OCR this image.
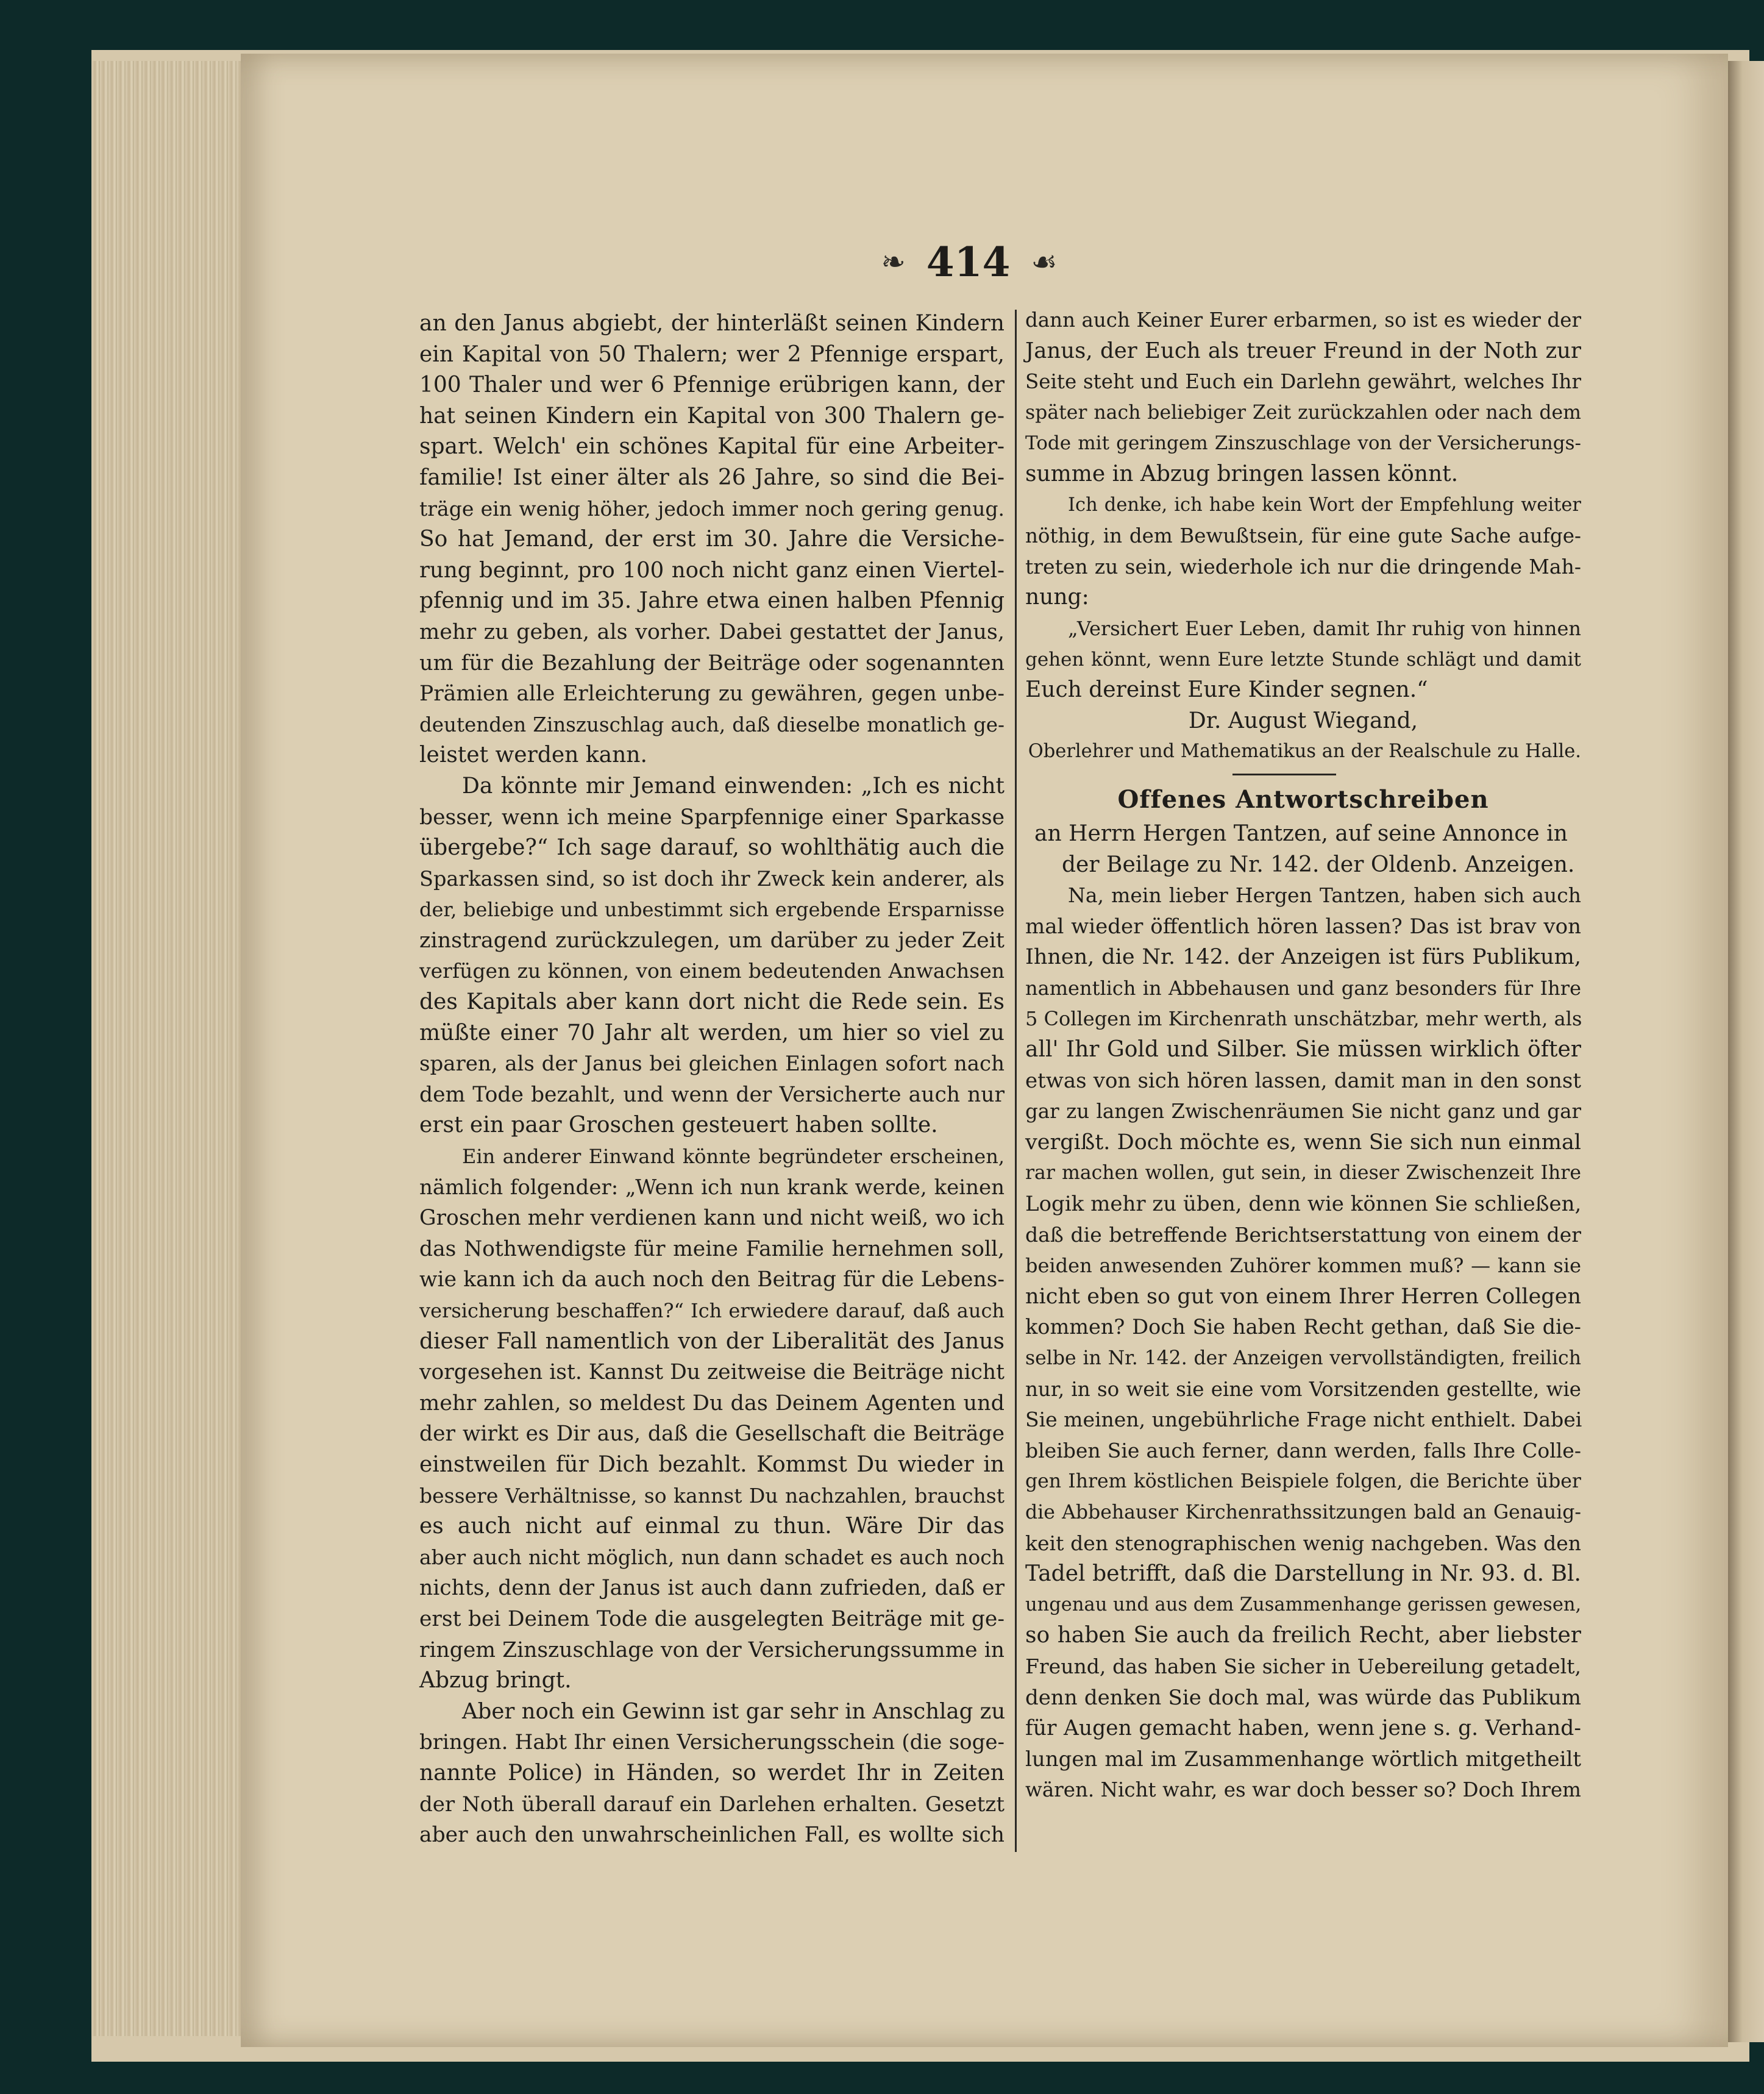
❧ 414 ☙
an den Janus abgiebt, der hinterläßt seinen Kindern
ein Kapital von 50 Thalern; wer 2 Pfennige erspart,
100 Thaler und wer 6 Pfennige erübrigen kann, der
hat seinen Kindern ein Kapital von 300 Thalern ge-
spart. Welch' ein schönes Kapital für eine Arbeiter-
familie! Ist einer älter als 26 Jahre, so sind die Bei-
träge ein wenig höher, jedoch immer noch gering genug.
So hat Jemand, der erst im 30. Jahre die Versiche-
rung beginnt, pro 100 noch nicht ganz einen Viertel-
pfennig und im 35. Jahre etwa einen halben Pfennig
mehr zu geben, als vorher. Dabei gestattet der Janus,
um für die Bezahlung der Beiträge oder sogenannten
Prämien alle Erleichterung zu gewähren, gegen unbe-
deutenden Zinszuschlag auch, daß dieselbe monatlich ge-
leistet werden kann.
Da könnte mir Jemand einwenden: „Ich es nicht
besser, wenn ich meine Sparpfennige einer Sparkasse
übergebe?“ Ich sage darauf, so wohlthätig auch die
Sparkassen sind, so ist doch ihr Zweck kein anderer, als
der, beliebige und unbestimmt sich ergebende Ersparnisse
zinstragend zurückzulegen, um darüber zu jeder Zeit
verfügen zu können, von einem bedeutenden Anwachsen
des Kapitals aber kann dort nicht die Rede sein. Es
müßte einer 70 Jahr alt werden, um hier so viel zu
sparen, als der Janus bei gleichen Einlagen sofort nach
dem Tode bezahlt, und wenn der Versicherte auch nur
erst ein paar Groschen gesteuert haben sollte.
Ein anderer Einwand könnte begründeter erscheinen,
nämlich folgender: „Wenn ich nun krank werde, keinen
Groschen mehr verdienen kann und nicht weiß, wo ich
das Nothwendigste für meine Familie hernehmen soll,
wie kann ich da auch noch den Beitrag für die Lebens-
versicherung beschaffen?“ Ich erwiedere darauf, daß auch
dieser Fall namentlich von der Liberalität des Janus
vorgesehen ist. Kannst Du zeitweise die Beiträge nicht
mehr zahlen, so meldest Du das Deinem Agenten und
der wirkt es Dir aus, daß die Gesellschaft die Beiträge
einstweilen für Dich bezahlt. Kommst Du wieder in
bessere Verhältnisse, so kannst Du nachzahlen, brauchst
es auch nicht auf einmal zu thun. Wäre Dir das
aber auch nicht möglich, nun dann schadet es auch noch
nichts, denn der Janus ist auch dann zufrieden, daß er
erst bei Deinem Tode die ausgelegten Beiträge mit ge-
ringem Zinszuschlage von der Versicherungssumme in
Abzug bringt.
Aber noch ein Gewinn ist gar sehr in Anschlag zu
bringen. Habt Ihr einen Versicherungsschein (die soge-
nannte Police) in Händen, so werdet Ihr in Zeiten
der Noth überall darauf ein Darlehen erhalten. Gesetzt
aber auch den unwahrscheinlichen Fall, es wollte sich
dann auch Keiner Eurer erbarmen, so ist es wieder der
Janus, der Euch als treuer Freund in der Noth zur
Seite steht und Euch ein Darlehn gewährt, welches Ihr
später nach beliebiger Zeit zurückzahlen oder nach dem
Tode mit geringem Zinszuschlage von der Versicherungs-
summe in Abzug bringen lassen könnt.
Ich denke, ich habe kein Wort der Empfehlung weiter
nöthig, in dem Bewußtsein, für eine gute Sache aufge-
treten zu sein, wiederhole ich nur die dringende Mah-
nung:
„Versichert Euer Leben, damit Ihr ruhig von hinnen
gehen könnt, wenn Eure letzte Stunde schlägt und damit
Euch dereinst Eure Kinder segnen.“
Dr. August Wiegand,
Oberlehrer und Mathematikus an der Realschule zu Halle.
Offenes Antwortschreiben
an Herrn Hergen Tantzen, auf seine Annonce in
der Beilage zu Nr. 142. der Oldenb. Anzeigen.
Na, mein lieber Hergen Tantzen, haben sich auch
mal wieder öffentlich hören lassen? Das ist brav von
Ihnen, die Nr. 142. der Anzeigen ist fürs Publikum,
namentlich in Abbehausen und ganz besonders für Ihre
5 Collegen im Kirchenrath unschätzbar, mehr werth, als
all' Ihr Gold und Silber. Sie müssen wirklich öfter
etwas von sich hören lassen, damit man in den sonst
gar zu langen Zwischenräumen Sie nicht ganz und gar
vergißt. Doch möchte es, wenn Sie sich nun einmal
rar machen wollen, gut sein, in dieser Zwischenzeit Ihre
Logik mehr zu üben, denn wie können Sie schließen,
daß die betreffende Berichtserstattung von einem der
beiden anwesenden Zuhörer kommen muß? — kann sie
nicht eben so gut von einem Ihrer Herren Collegen
kommen? Doch Sie haben Recht gethan, daß Sie die-
selbe in Nr. 142. der Anzeigen vervollständigten, freilich
nur, in so weit sie eine vom Vorsitzenden gestellte, wie
Sie meinen, ungebührliche Frage nicht enthielt. Dabei
bleiben Sie auch ferner, dann werden, falls Ihre Colle-
gen Ihrem köstlichen Beispiele folgen, die Berichte über
die Abbehauser Kirchenrathssitzungen bald an Genauig-
keit den stenographischen wenig nachgeben. Was den
Tadel betrifft, daß die Darstellung in Nr. 93. d. Bl.
ungenau und aus dem Zusammenhange gerissen gewesen,
so haben Sie auch da freilich Recht, aber liebster
Freund, das haben Sie sicher in Uebereilung getadelt,
denn denken Sie doch mal, was würde das Publikum
für Augen gemacht haben, wenn jene s. g. Verhand-
lungen mal im Zusammenhange wörtlich mitgetheilt
wären. Nicht wahr, es war doch besser so? Doch Ihrem
